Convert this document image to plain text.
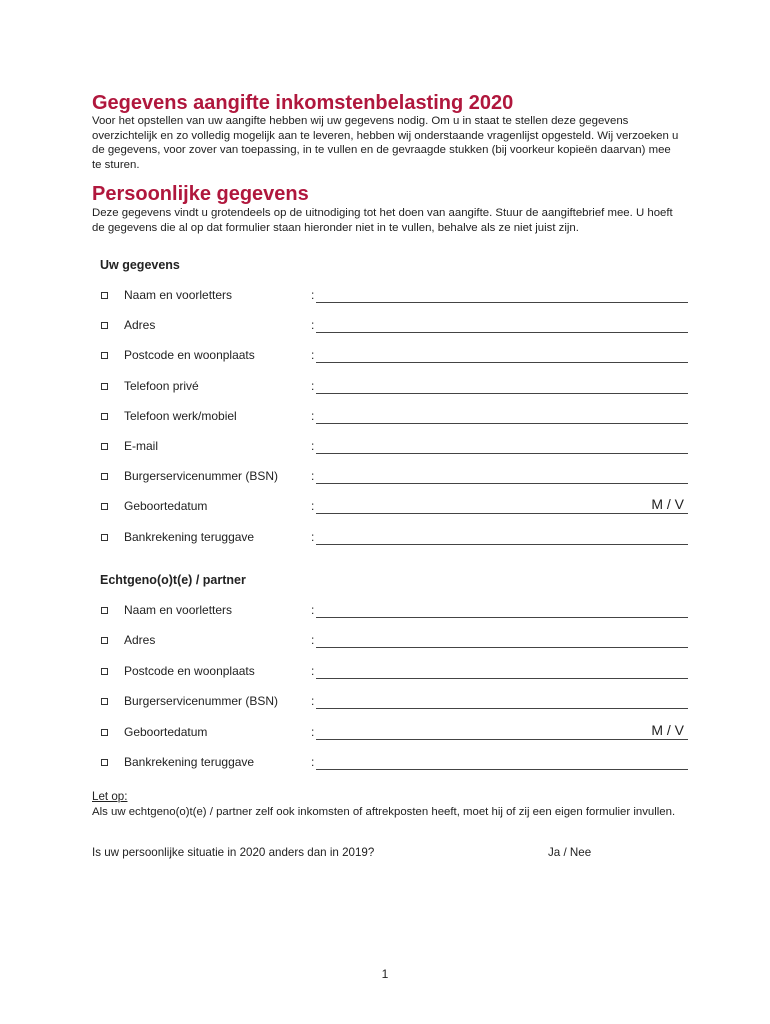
Gegevens aangifte inkomstenbelasting 2020

Voor het opstellen van uw aangifte hebben wij uw gegevens nodig. Om u in staat te stellen deze gegevens overzichtelijk en zo volledig mogelijk aan te leveren, hebben wij onderstaande vragenlijst opgesteld. Wij verzoeken u de gegevens, voor zover van toepassing, in te vullen en de gevraagde stukken (bij voorkeur kopieën daarvan) mee te sturen.

Persoonlijke gegevens

Deze gegevens vindt u grotendeels op de uitnodiging tot het doen van aangifte. Stuur de aangiftebrief mee. U hoeft de gegevens die al op dat formulier staan hieronder niet in te vullen, behalve als ze niet juist zijn.

Uw gegevens

Naam en voorletters	:
Adres	:
Postcode en woonplaats	:
Telefoon privé	:
Telefoon werk/mobiel	:
E-mail	:
Burgerservicenummer (BSN)	:
Geboortedatum	:	M / V
Bankrekening teruggave	:

Echtgeno(o)t(e) / partner

Naam en voorletters	:
Adres	:
Postcode en woonplaats	:
Burgerservicenummer (BSN)	:
Geboortedatum	:	M / V
Bankrekening teruggave	:

Let op:

Als uw echtgeno(o)t(e) / partner zelf ook inkomsten of aftrekposten heeft, moet hij of zij een eigen formulier invullen.

Is uw persoonlijke situatie in 2020 anders dan in 2019?	Ja / Nee
1
